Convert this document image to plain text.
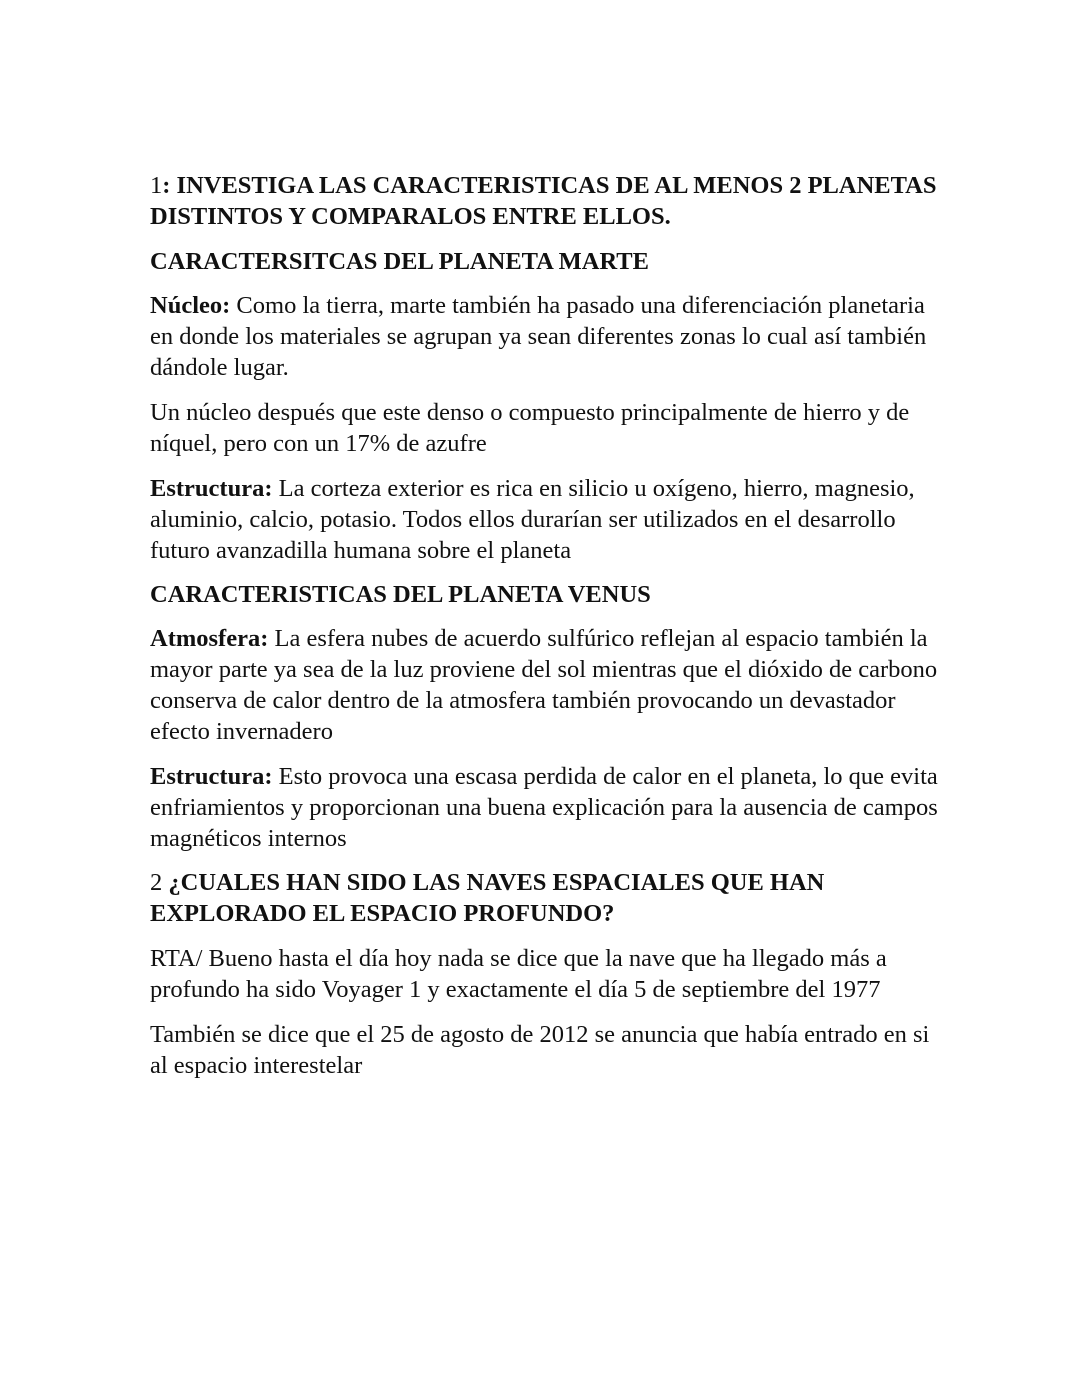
1: INVESTIGA LAS CARACTERISTICAS DE AL MENOS 2 PLANETAS DISTINTOS Y COMPARALOS ENTRE ELLOS.

CARACTERSITCAS DEL PLANETA MARTE

Núcleo: Como la tierra, marte también ha pasado una diferenciación planetaria en donde los materiales se agrupan ya sean diferentes zonas lo cual así también dándole lugar.

Un núcleo después que este denso o compuesto principalmente de hierro y de níquel, pero con un 17% de azufre

Estructura: La corteza exterior es rica en silicio u oxígeno, hierro, magnesio, aluminio, calcio, potasio. Todos ellos durarían ser utilizados en el desarrollo futuro avanzadilla humana sobre el planeta

CARACTERISTICAS DEL PLANETA VENUS

Atmosfera: La esfera nubes de acuerdo sulfúrico reflejan al espacio también la mayor parte ya sea de la luz proviene del sol mientras que el dióxido de carbono conserva de calor dentro de la atmosfera también provocando un devastador efecto invernadero

Estructura: Esto provoca una escasa perdida de calor en el planeta, lo que evita enfriamientos y proporcionan una buena explicación para la ausencia de campos magnéticos internos

2 ¿CUALES HAN SIDO LAS NAVES ESPACIALES QUE HAN EXPLORADO EL ESPACIO PROFUNDO?

RTA/ Bueno hasta el día hoy nada se dice que la nave que ha llegado más a profundo ha sido Voyager 1 y exactamente el día 5 de septiembre del 1977

También se dice que el 25 de agosto de 2012 se anuncia que había entrado en si al espacio interestelar
